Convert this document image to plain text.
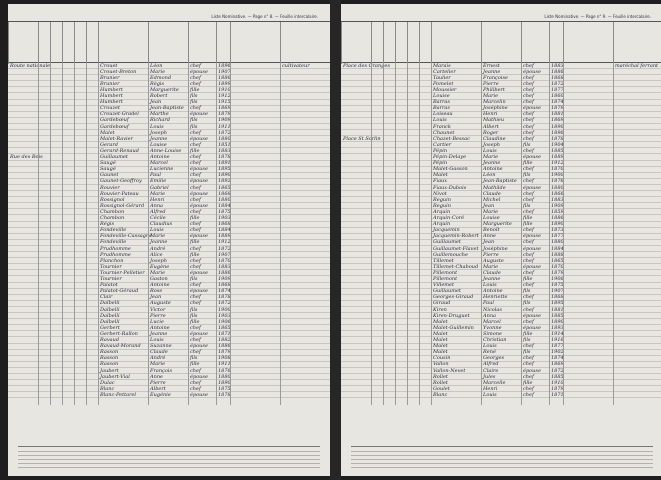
Liste Nominative. — Page n° 8. — Feuille intercalaire.
Route nationale	Crouet	Léon	chef	1896	cultivateur
Crouet-Breton	Marie	épouse 1907
Brunier	Edmond	chef	1886
Brunier	Régis	chef	1899
Humbert	Marguerite fille	1910
Humbert	Robert	fils	1912
Humbert	Jean	fils	1915
Crouzet	Jean-Baptiste chef	1869
Crouzet-Gradel Marthe	épouse 1879
Gardebœuf	Richard	fils	1909
Gardebœuf	Louis	fils	1911
Malet	Joseph	chef	1872
Malet-Ravier	Jeanne	épouse 1880
Gerard	Louise	chef	1851
Gerard-Renaud Anne-Louise fille	1883
Rue des Bois	Guillaumet	Antoine	chef	1878
Saugé	Marcel	chef	1891
Saugé	Lucienne	épouse 1895
Gaunet	Paul	chef	1890
Gaunet-Geoffroy Emilie	épouse 1892
Rouvier	Gabriel	chef	1865
Rouvier-Pateau Marie	épouse 1868
Rossignol	Henri	chef	1880
Rossignol-Gérard Anna	épouse 1884
Chambon	Alfred	chef	1875
Chambon	Cécile	fille	1903
Régis	Claudius	chef	1868
Fondeville	Louis	chef	1884
Fondeville-Cassagne
Marie	épouse 1889
Fondeville	Jeanne	fille	1912
Prudhomme	André	chef	1872
Prudhomme	Alice	fille	1907
Planchon	Joseph	chef	1870
Tournier	Eugène	chef	1883
Tournier-Pelletier Marie	épouse 1886
Tournier	Gaston	fils	1909
Palatot	Antoine	chef	1868
Palatot-Géraud Rose	épouse 1874
Clair	Jean	chef	1878
Dalbelli	Auguste	chef	1872
Dalbelli	Victor	fils	1900
Dalbelli	Pierre	fils	1903
Dalbelli	Lucie	fille	1906
Gerbert	Antoine	chef	1865
Gerbert-Rallon Jeanne	épouse 1871
Ravaud	Louis	chef	1882
Ravaud-Morand Suzanne	épouse 1886
Rasson	Claude	chef	1879
Rasson	André	fils	1908
Rasson	Marie	fille	1911
Jaubert	François	chef	1876
Jaubert-Vial	Anne	épouse 1880
Dulac	Pierre	chef	1890
Blanc	Albert	chef	1875
Blanc-Pettarel	Eugénie	épouse 1878
Liste Nominative. — Page n° 9. — Feuille intercalaire.
Place des Granges	Marais	Ernest	chef	1883	maréchal ferrant
Cartelier	Jeanne	épouse 1886
Taulier	Françoise	chef	1868
Pomelet	Pierre	chef	1872
Moussier	Philibert	chef	1877
Louise	Marie	chef	1860
Barras	Marcelin	chef	1874
Barras	Joséphine	épouse 1879
Loiseau	Henri	chef	1881
Louis	Mathieu	chef	1869
Franck	Albert	chef	1890
Chaunet	Roger	chef	1896
Place St Sorlin	Chazet-Bessac	Claudine	chef	1878
Cartier	Joseph	fils	1904
Pépin	Louis	chef	1885
Pépin-Delaye	Marie	épouse 1889
Pépin	Jeanne	fille	1912
Malet-Gasson	Antoine	chef	1870
Malet	Léon	fils	1900
Fiaux	Jean-Baptiste chef	1876
Fiaux-Dubois	Mathilde	épouse 1880
Nivot	Claude	chef	1866
Reguin	Michel	chef	1883
Reguin	Jean	fils	1909
Arquin	Marie	chef	1859
Arquin-Coré	Louise	fille	1886
Arquin	Marguerite fille	1890
Jacquemin	Benoît	chef	1873
Jacquemin-Robert Anne	épouse 1877
Guillaumet	Jean	chef	1880
Guillaumet-Flavet Joséphine	épouse 1884
Guillemouche	Pierre	chef	1888
Tillemet	Auguste	chef	1865
Tillemet-Chaboud Marie	épouse 1870
Pillemont	Claude	chef	1879
Pillemont	Jeanne	fille	1906
Villemet	Louis	chef	1875
Guillaumet	Antoine	fils	1907
Georges-Giraud Henriette	chef	1868
Giraud	Paul	fils	1895
Kiren	Nicolas	chef	1881
Kiren-Druguet	Anna	épouse 1885
Malet	Marcel	chef	1890
Malet-Guillemin Yvonne	épouse 1893
Malet	Simone	fille	1914
Malet	Christian	fils	1916
Malet	Louis	chef	1877
Malet	René	fils	1902
Cousin	Georges	chef	1874
Vallon	Alfred	chef	1869
Vallon-Nevet	Claire	épouse 1872
Rollet	Jules	chef	1885
Rollet	Marcelle	fille	1910
Goulet	Henri	chef	1879
Blanc	Louis	chef	1871
